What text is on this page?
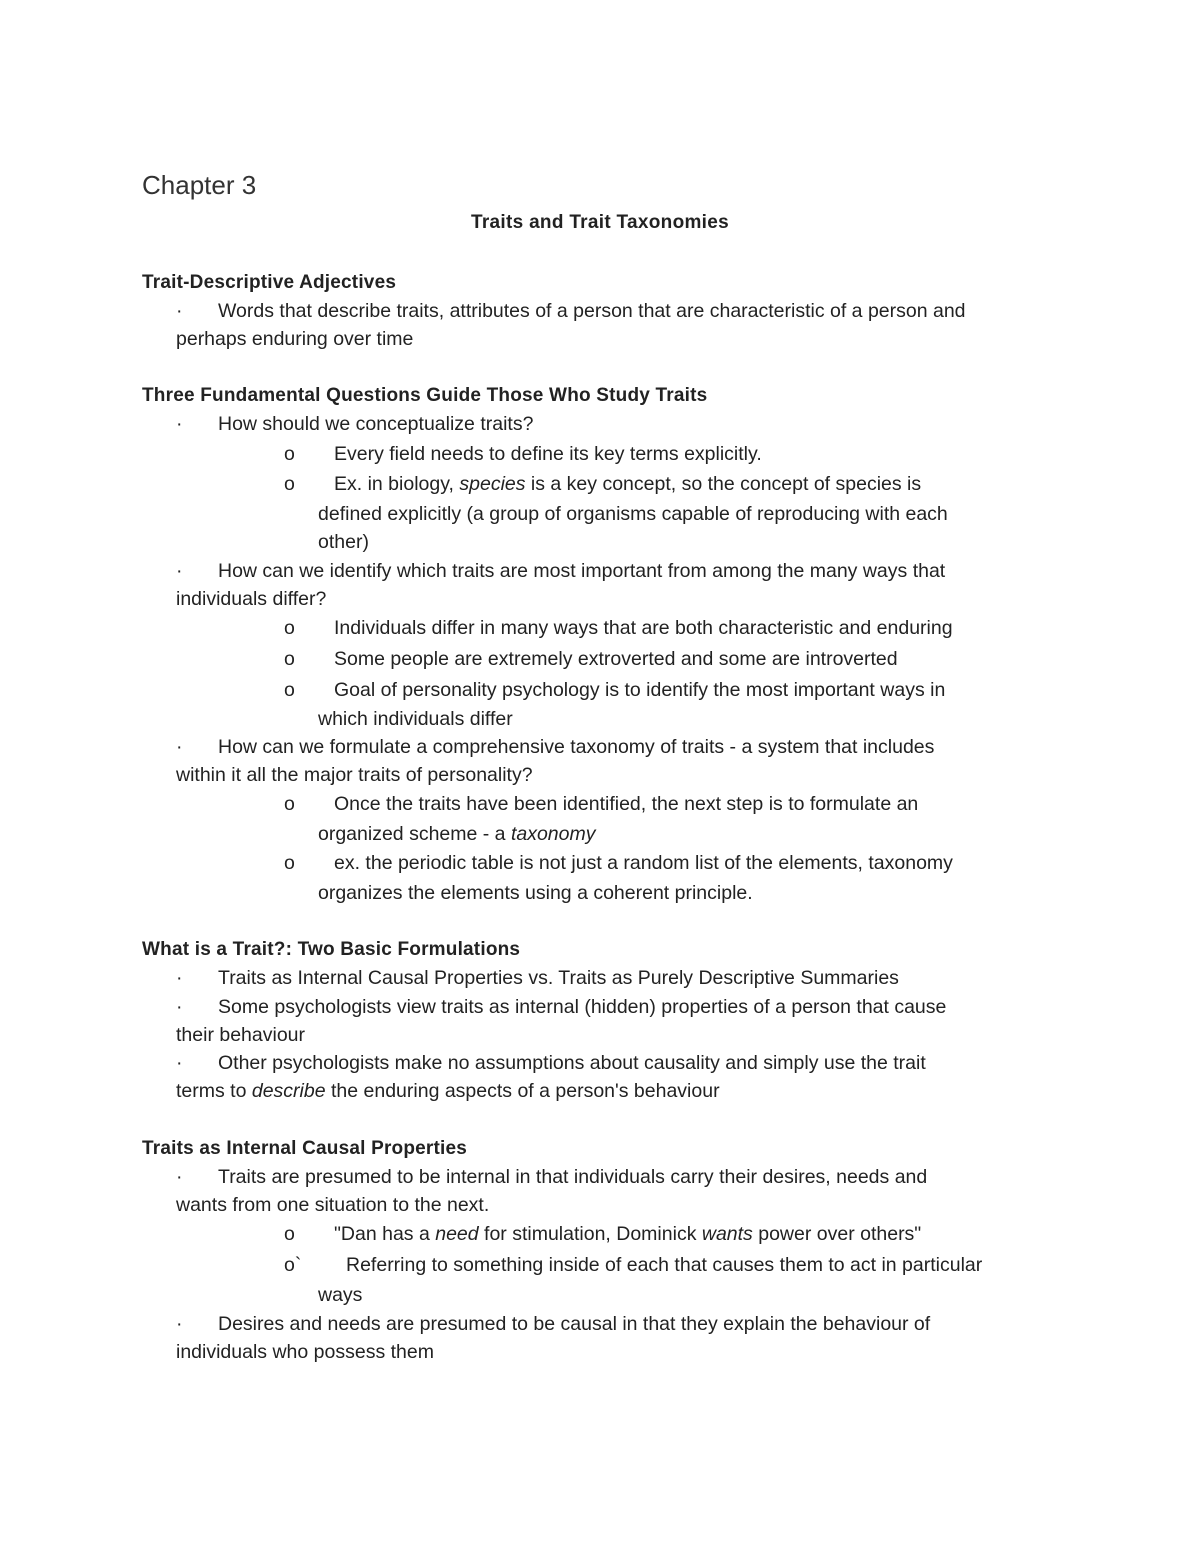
Chapter 3
Traits and Trait Taxonomies
Trait-Descriptive Adjectives
· Words that describe traits, attributes of a person that are characteristic of a person and
perhaps enduring over time
Three Fundamental Questions Guide Those Who Study Traits
· How should we conceptualize traits?
o Every field needs to define its key terms explicitly.
o Ex. in biology, species is a key concept, so the concept of species is
defined explicitly (a group of organisms capable of reproducing with each
other)
· How can we identify which traits are most important from among the many ways that
individuals differ?
o Individuals differ in many ways that are both characteristic and enduring
o Some people are extremely extroverted and some are introverted
o Goal of personality psychology is to identify the most important ways in
which individuals differ
· How can we formulate a comprehensive taxonomy of traits - a system that includes
within it all the major traits of personality?
o Once the traits have been identified, the next step is to formulate an
organized scheme - a taxonomy
o ex. the periodic table is not just a random list of the elements, taxonomy
organizes the elements using a coherent principle.
What is a Trait?: Two Basic Formulations
· Traits as Internal Causal Properties vs. Traits as Purely Descriptive Summaries
· Some psychologists view traits as internal (hidden) properties of a person that cause
their behaviour
· Other psychologists make no assumptions about causality and simply use the trait
terms to describe the enduring aspects of a person's behaviour
Traits as Internal Causal Properties
· Traits are presumed to be internal in that individuals carry their desires, needs and
wants from one situation to the next.
o "Dan has a need for stimulation, Dominick wants power over others"
o` Referring to something inside of each that causes them to act in particular
ways
· Desires and needs are presumed to be causal in that they explain the behaviour of
individuals who possess them
